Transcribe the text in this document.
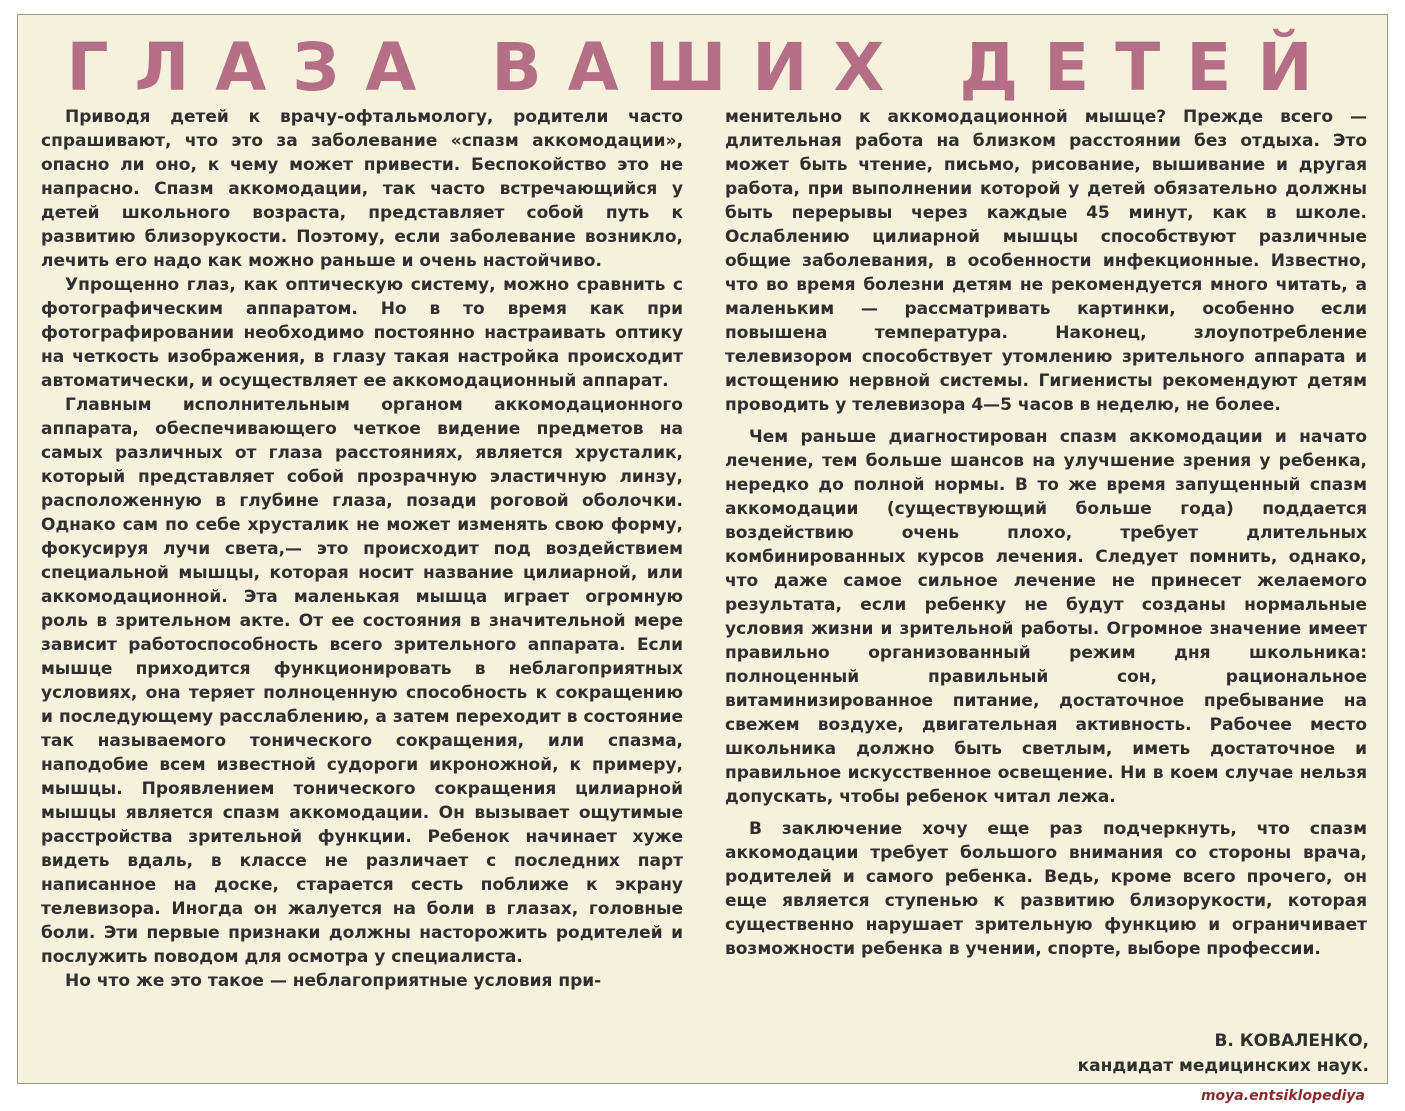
ГЛАЗА ВАШИХ ДЕТЕЙ

Приводя детей к врачу-офтальмологу, родители часто спрашивают, что это за заболевание «спазм аккомодации», опасно ли оно, к чему может привести. Беспокойство это не напрасно. Спазм аккомодации, так часто встречающийся у детей школьного возраста, представляет собой путь к развитию близорукости. Поэтому, если заболевание возникло, лечить его надо как можно раньше и очень настойчиво.

Упрощенно глаз, как оптическую систему, можно сравнить с фотографическим аппаратом. Но в то время как при фотографировании необходимо постоянно настраивать оптику на четкость изображения, в глазу такая настройка происходит автоматически, и осуществляет ее аккомодационный аппарат.

Главным исполнительным органом аккомодационного аппарата, обеспечивающего четкое видение предметов на самых различных от глаза расстояниях, является хрусталик, который представляет собой прозрачную эластичную линзу, расположенную в глубине глаза, позади роговой оболочки. Однако сам по себе хрусталик не может изменять свою форму, фокусируя лучи света,— это происходит под воздействием специальной мышцы, которая носит название цилиарной, или аккомодационной. Эта маленькая мышца играет огромную роль в зрительном акте. От ее состояния в значительной мере зависит работоспособность всего зрительного аппарата. Если мышце приходится функционировать в неблагоприятных условиях, она теряет полноценную способность к сокращению и последующему расслаблению, а затем переходит в состояние так называемого тонического сокращения, или спазма, наподобие всем известной судороги икроножной, к примеру, мышцы. Проявлением тонического сокращения цилиарной мышцы является спазм аккомодации. Он вызывает ощутимые расстройства зрительной функции. Ребенок начинает хуже видеть вдаль, в классе не различает с последних парт написанное на доске, старается сесть поближе к экрану телевизора. Иногда он жалуется на боли в глазах, головные боли. Эти первые признаки должны насторожить родителей и послужить поводом для осмотра у специалиста.

Но что же это такое — неблагоприятные условия при-

менительно к аккомодационной мышце? Прежде всего — длительная работа на близком расстоянии без отдыха. Это может быть чтение, письмо, рисование, вышивание и другая работа, при выполнении которой у детей обязательно должны быть перерывы через каждые 45 минут, как в школе. Ослаблению цилиарной мышцы способствуют различные общие заболевания, в особенности инфекционные. Известно, что во время болезни детям не рекомендуется много читать, а маленьким — рассматривать картинки, особенно если повышена температура. Наконец, злоупотребление телевизором способствует утомлению зрительного аппарата и истощению нервной системы. Гигиенисты рекомендуют детям проводить у телевизора 4—5 часов в неделю, не более.

Чем раньше диагностирован спазм аккомодации и начато лечение, тем больше шансов на улучшение зрения у ребенка, нередко до полной нормы. В то же время запущенный спазм аккомодации (существующий больше года) поддается воздействию очень плохо, требует длительных комбинированных курсов лечения. Следует помнить, однако, что даже самое сильное лечение не принесет желаемого результата, если ребенку не будут созданы нормальные условия жизни и зрительной работы. Огромное значение имеет правильно организованный режим дня школьника: полноценный правильный сон, рациональное витаминизированное питание, достаточное пребывание на свежем воздухе, двигательная активность. Рабочее место школьника должно быть светлым, иметь достаточное и правильное искусственное освещение. Ни в коем случае нельзя допускать, чтобы ребенок читал лежа.

В заключение хочу еще раз подчеркнуть, что спазм аккомодации требует большого внимания со стороны врача, родителей и самого ребенка. Ведь, кроме всего прочего, он еще является ступенью к развитию близорукости, которая существенно нарушает зрительную функцию и ограничивает возможности ребенка в учении, спорте, выборе профессии.

В. КОВАЛЕНКО,
кандидат медицинских наук.
moya.entsiklopediya
